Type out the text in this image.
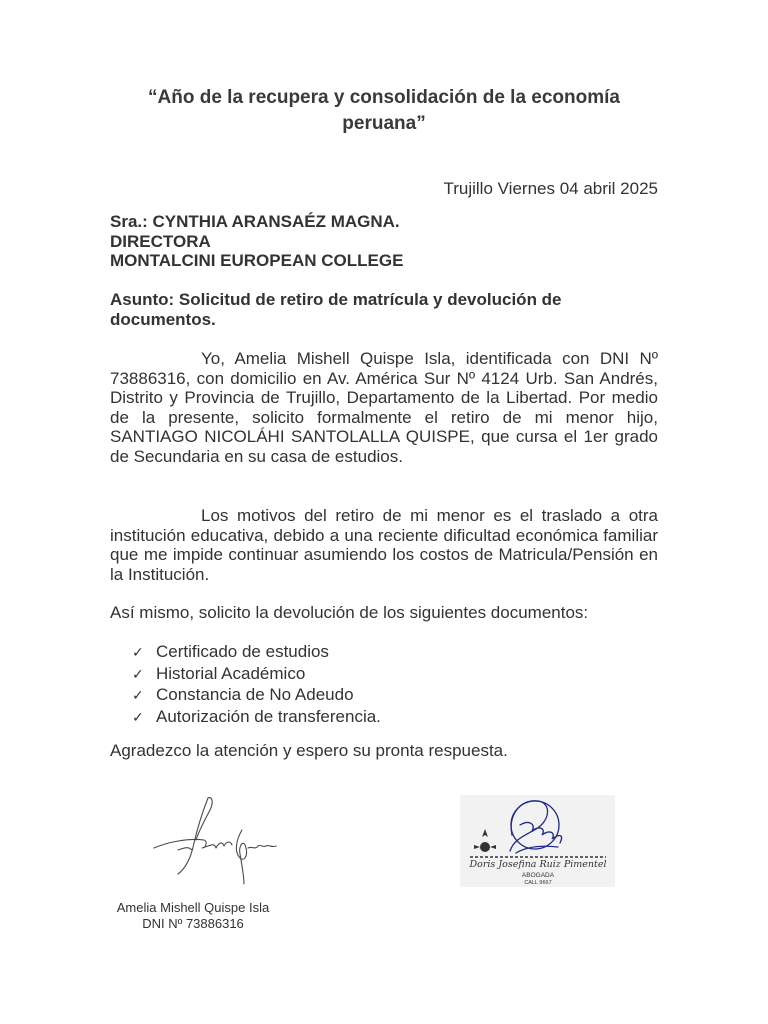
“Año de la recupera y consolidación de la economía peruana”
Trujillo Viernes 04 abril 2025
Sra.: CYNTHIA ARANSAÉZ MAGNA.
DIRECTORA
MONTALCINI EUROPEAN COLLEGE
Asunto: Solicitud de retiro de matrícula y devolución de documentos.
Yo, Amelia Mishell Quispe Isla, identificada con DNI Nº 73886316, con domicilio en Av. América Sur Nº 4124 Urb. San Andrés, Distrito y Provincia de Trujillo, Departamento de la Libertad. Por medio de la presente, solicito formalmente el retiro de mi menor hijo, SANTIAGO NICOLÁHI SANTOLALLA QUISPE, que cursa el 1er grado de Secundaria en su casa de estudios.
Los motivos del retiro de mi menor es el traslado a otra institución educativa, debido a una reciente dificultad económica familiar que me impide continuar asumiendo los costos de Matricula/Pensión en la Institución.
Así mismo, solicito la devolución de los siguientes documentos:
✓ Certificado de estudios
✓ Historial Académico
✓ Constancia de No Adeudo
✓ Autorización de transferencia.
Agradezco la atención y espero su pronta respuesta.
Doris Josefina Ruiz Pimentel
ABOGADA
CALL 9667
Amelia Mishell Quispe Isla
DNI Nº 73886316
